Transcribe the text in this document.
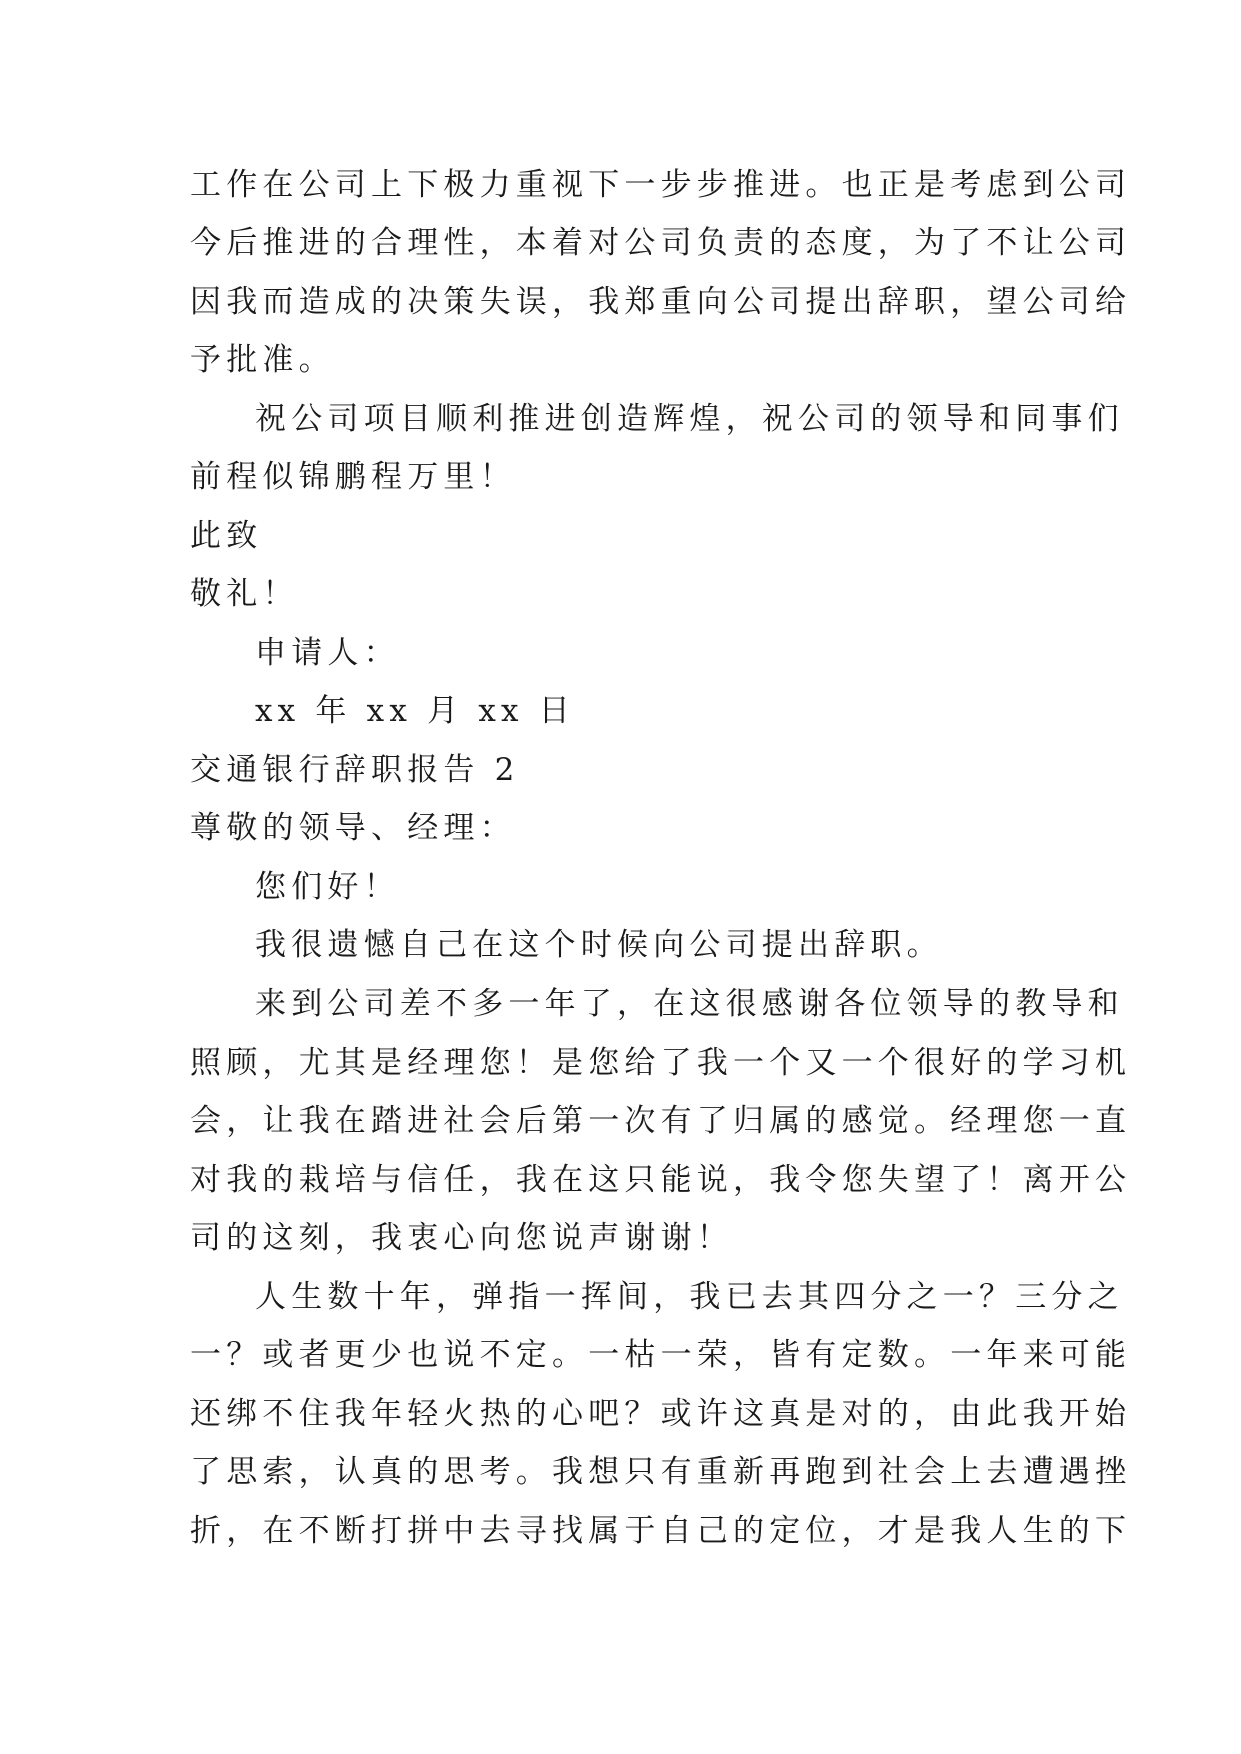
工作在公司上下极力重视下一步步推进。也正是考虑到公司
今后推进的合理性，本着对公司负责的态度，为了不让公司
因我而造成的决策失误，我郑重向公司提出辞职，望公司给
予批准。
祝公司项目顺利推进创造辉煌，祝公司的领导和同事们
前程似锦鹏程万里！
此致
敬礼！
申请人：
xx 年 xx 月 xx 日
交通银行辞职报告 2
尊敬的领导、经理：
您们好！
我很遗憾自己在这个时候向公司提出辞职。
来到公司差不多一年了，在这很感谢各位领导的教导和
照顾，尤其是经理您！是您给了我一个又一个很好的学习机
会，让我在踏进社会后第一次有了归属的感觉。经理您一直
对我的栽培与信任，我在这只能说，我令您失望了！离开公
司的这刻，我衷心向您说声谢谢！
人生数十年，弹指一挥间，我已去其四分之一？三分之
一？或者更少也说不定。一枯一荣，皆有定数。一年来可能
还绑不住我年轻火热的心吧？或许这真是对的，由此我开始
了思索，认真的思考。我想只有重新再跑到社会上去遭遇挫
折，在不断打拼中去寻找属于自己的定位，才是我人生的下
